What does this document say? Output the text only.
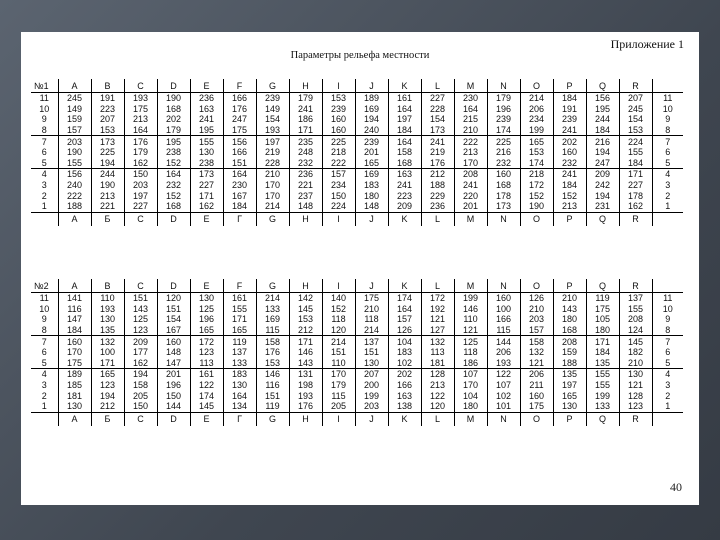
Приложение 1
Параметры рельефа местности
№1	A	B	C	D	E	F	G	H	I	J	K	L	M	N	O	P	Q	R	
11	245	191	193	190	236	166	239	179	153	189	161	227	230	179	214	184	156	207	11
10	149	223	175	168	163	176	149	241	239	169	164	228	164	196	206	191	195	245	10
9	159	207	213	202	241	247	154	186	160	194	197	154	215	239	234	239	244	154	9
8	157	153	164	179	195	175	193	171	160	240	184	173	210	174	199	241	184	153	8
7	203	173	176	195	155	156	197	235	225	239	164	241	222	225	165	202	216	224	7
6	190	225	179	238	130	166	219	248	218	201	158	219	213	216	153	160	194	155	6
5	155	194	162	152	238	151	228	232	222	165	168	176	170	232	174	232	247	184	5
4	156	244	150	164	173	164	210	236	157	169	163	212	208	160	218	241	209	171	4
3	240	190	203	232	227	230	170	221	234	183	241	188	241	168	172	184	242	227	3
2	222	213	197	152	171	167	170	237	150	180	223	229	220	178	152	152	194	178	2
1	188	221	227	168	162	184	214	148	224	148	209	236	201	173	190	213	231	162	1
	A	Б	C	D	E	Г	G	H	I	J	K	L	M	N	O	P	Q	R	
№2	A	B	C	D	E	F	G	H	I	J	K	L	M	N	O	P	Q	R	
11	141	110	151	120	130	161	214	142	140	175	174	172	199	160	126	210	119	137	11
10	116	193	143	151	125	155	133	145	152	210	164	192	146	100	210	143	175	155	10
9	147	130	125	154	196	171	169	153	118	118	157	121	110	166	203	180	105	208	9
8	184	135	123	167	165	165	115	212	120	214	126	127	121	115	157	168	180	124	8
7	160	132	209	160	172	119	158	171	214	137	104	132	125	144	158	208	171	145	7
6	170	100	177	148	123	137	176	146	151	151	183	113	118	206	132	159	184	182	6
5	175	171	162	147	113	133	153	143	110	130	102	181	186	193	121	188	135	210	5
4	189	165	194	201	161	183	146	131	170	207	202	128	107	122	206	135	155	130	4
3	185	123	158	196	122	130	116	198	179	200	166	213	170	107	211	197	155	121	3
2	181	194	205	150	174	164	151	193	115	199	163	122	104	102	160	165	199	128	2
1	130	212	150	144	145	134	119	176	205	203	138	120	180	101	175	130	133	123	1
	A	Б	C	D	E	Г	G	H	I	J	K	L	M	N	O	P	Q	R	
40
